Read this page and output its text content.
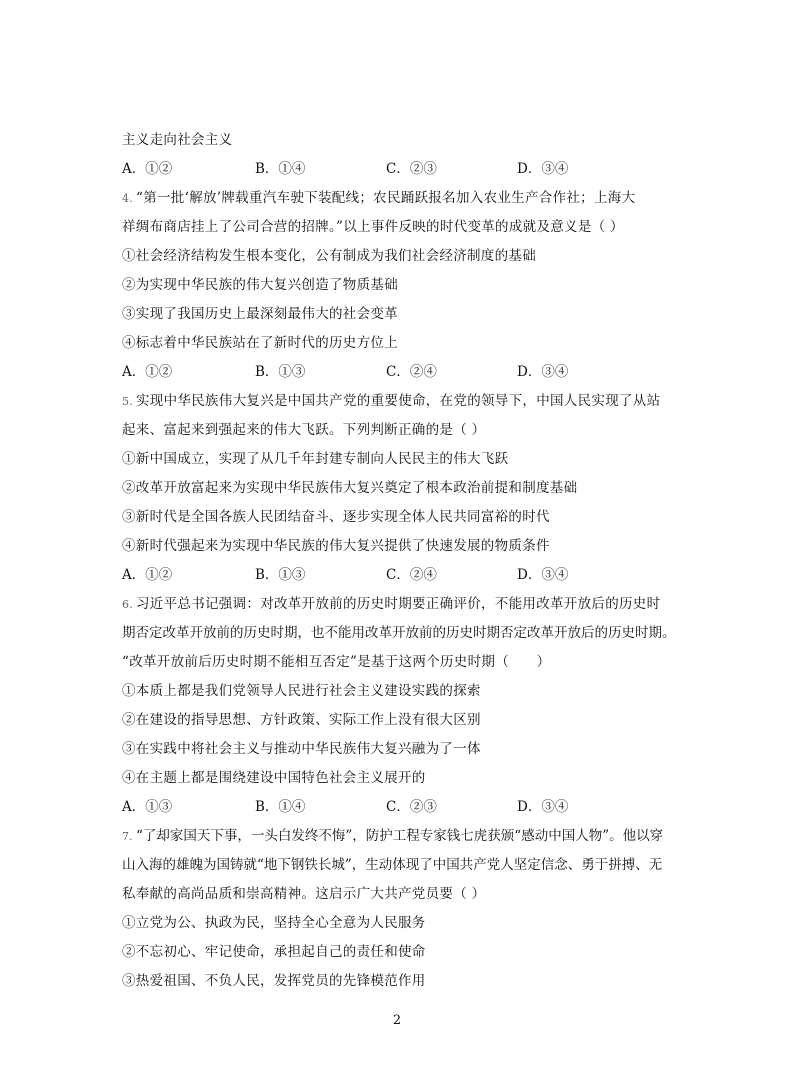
主义走向社会主义
A．①②	B．①④	C．②③	D．③④
4. “第一批‘解放’牌载重汽车驶下装配线；农民踊跃报名加入农业生产合作社；上海大
祥绸布商店挂上了公司合营的招牌。”以上事件反映的时代变革的成就及意义是（ ）
①社会经济结构发生根本变化，公有制成为我们社会经济制度的基础
②为实现中华民族的伟大复兴创造了物质基础
③实现了我国历史上最深刻最伟大的社会变革
④标志着中华民族站在了新时代的历史方位上
A．①②	B．①③	C．②④	D．③④
5. 实现中华民族伟大复兴是中国共产党的重要使命，在党的领导下，中国人民实现了从站
起来、富起来到强起来的伟大飞跃。下列判断正确的是（ ）
①新中国成立，实现了从几千年封建专制向人民民主的伟大飞跃
②改革开放富起来为实现中华民族伟大复兴奠定了根本政治前提和制度基础
③新时代是全国各族人民团结奋斗、逐步实现全体人民共同富裕的时代
④新时代强起来为实现中华民族的伟大复兴提供了快速发展的物质条件
A．①②	B．①③	C．②④	D．③④
6. 习近平总书记强调：对改革开放前的历史时期要正确评价，不能用改革开放后的历史时
期否定改革开放前的历史时期，也不能用改革开放前的历史时期否定改革开放后的历史时期。
“改革开放前后历史时期不能相互否定”是基于这两个历史时期（　　）
①本质上都是我们党领导人民进行社会主义建设实践的探索
②在建设的指导思想、方针政策、实际工作上没有很大区别
③在实践中将社会主义与推动中华民族伟大复兴融为了一体
④在主题上都是围绕建设中国特色社会主义展开的
A．①③	B．①④	C．②③	D．③④
7. “了却家国天下事，一头白发终不悔”，防护工程专家钱七虎获颁“感动中国人物”。他以穿
山入海的雄魄为国铸就“地下钢铁长城”，生动体现了中国共产党人坚定信念、勇于拼搏、无
私奉献的高尚品质和崇高精神。这启示广大共产党员要（ ）
①立党为公、执政为民，坚持全心全意为人民服务
②不忘初心、牢记使命，承担起自己的责任和使命
③热爱祖国、不负人民，发挥党员的先锋模范作用
2
